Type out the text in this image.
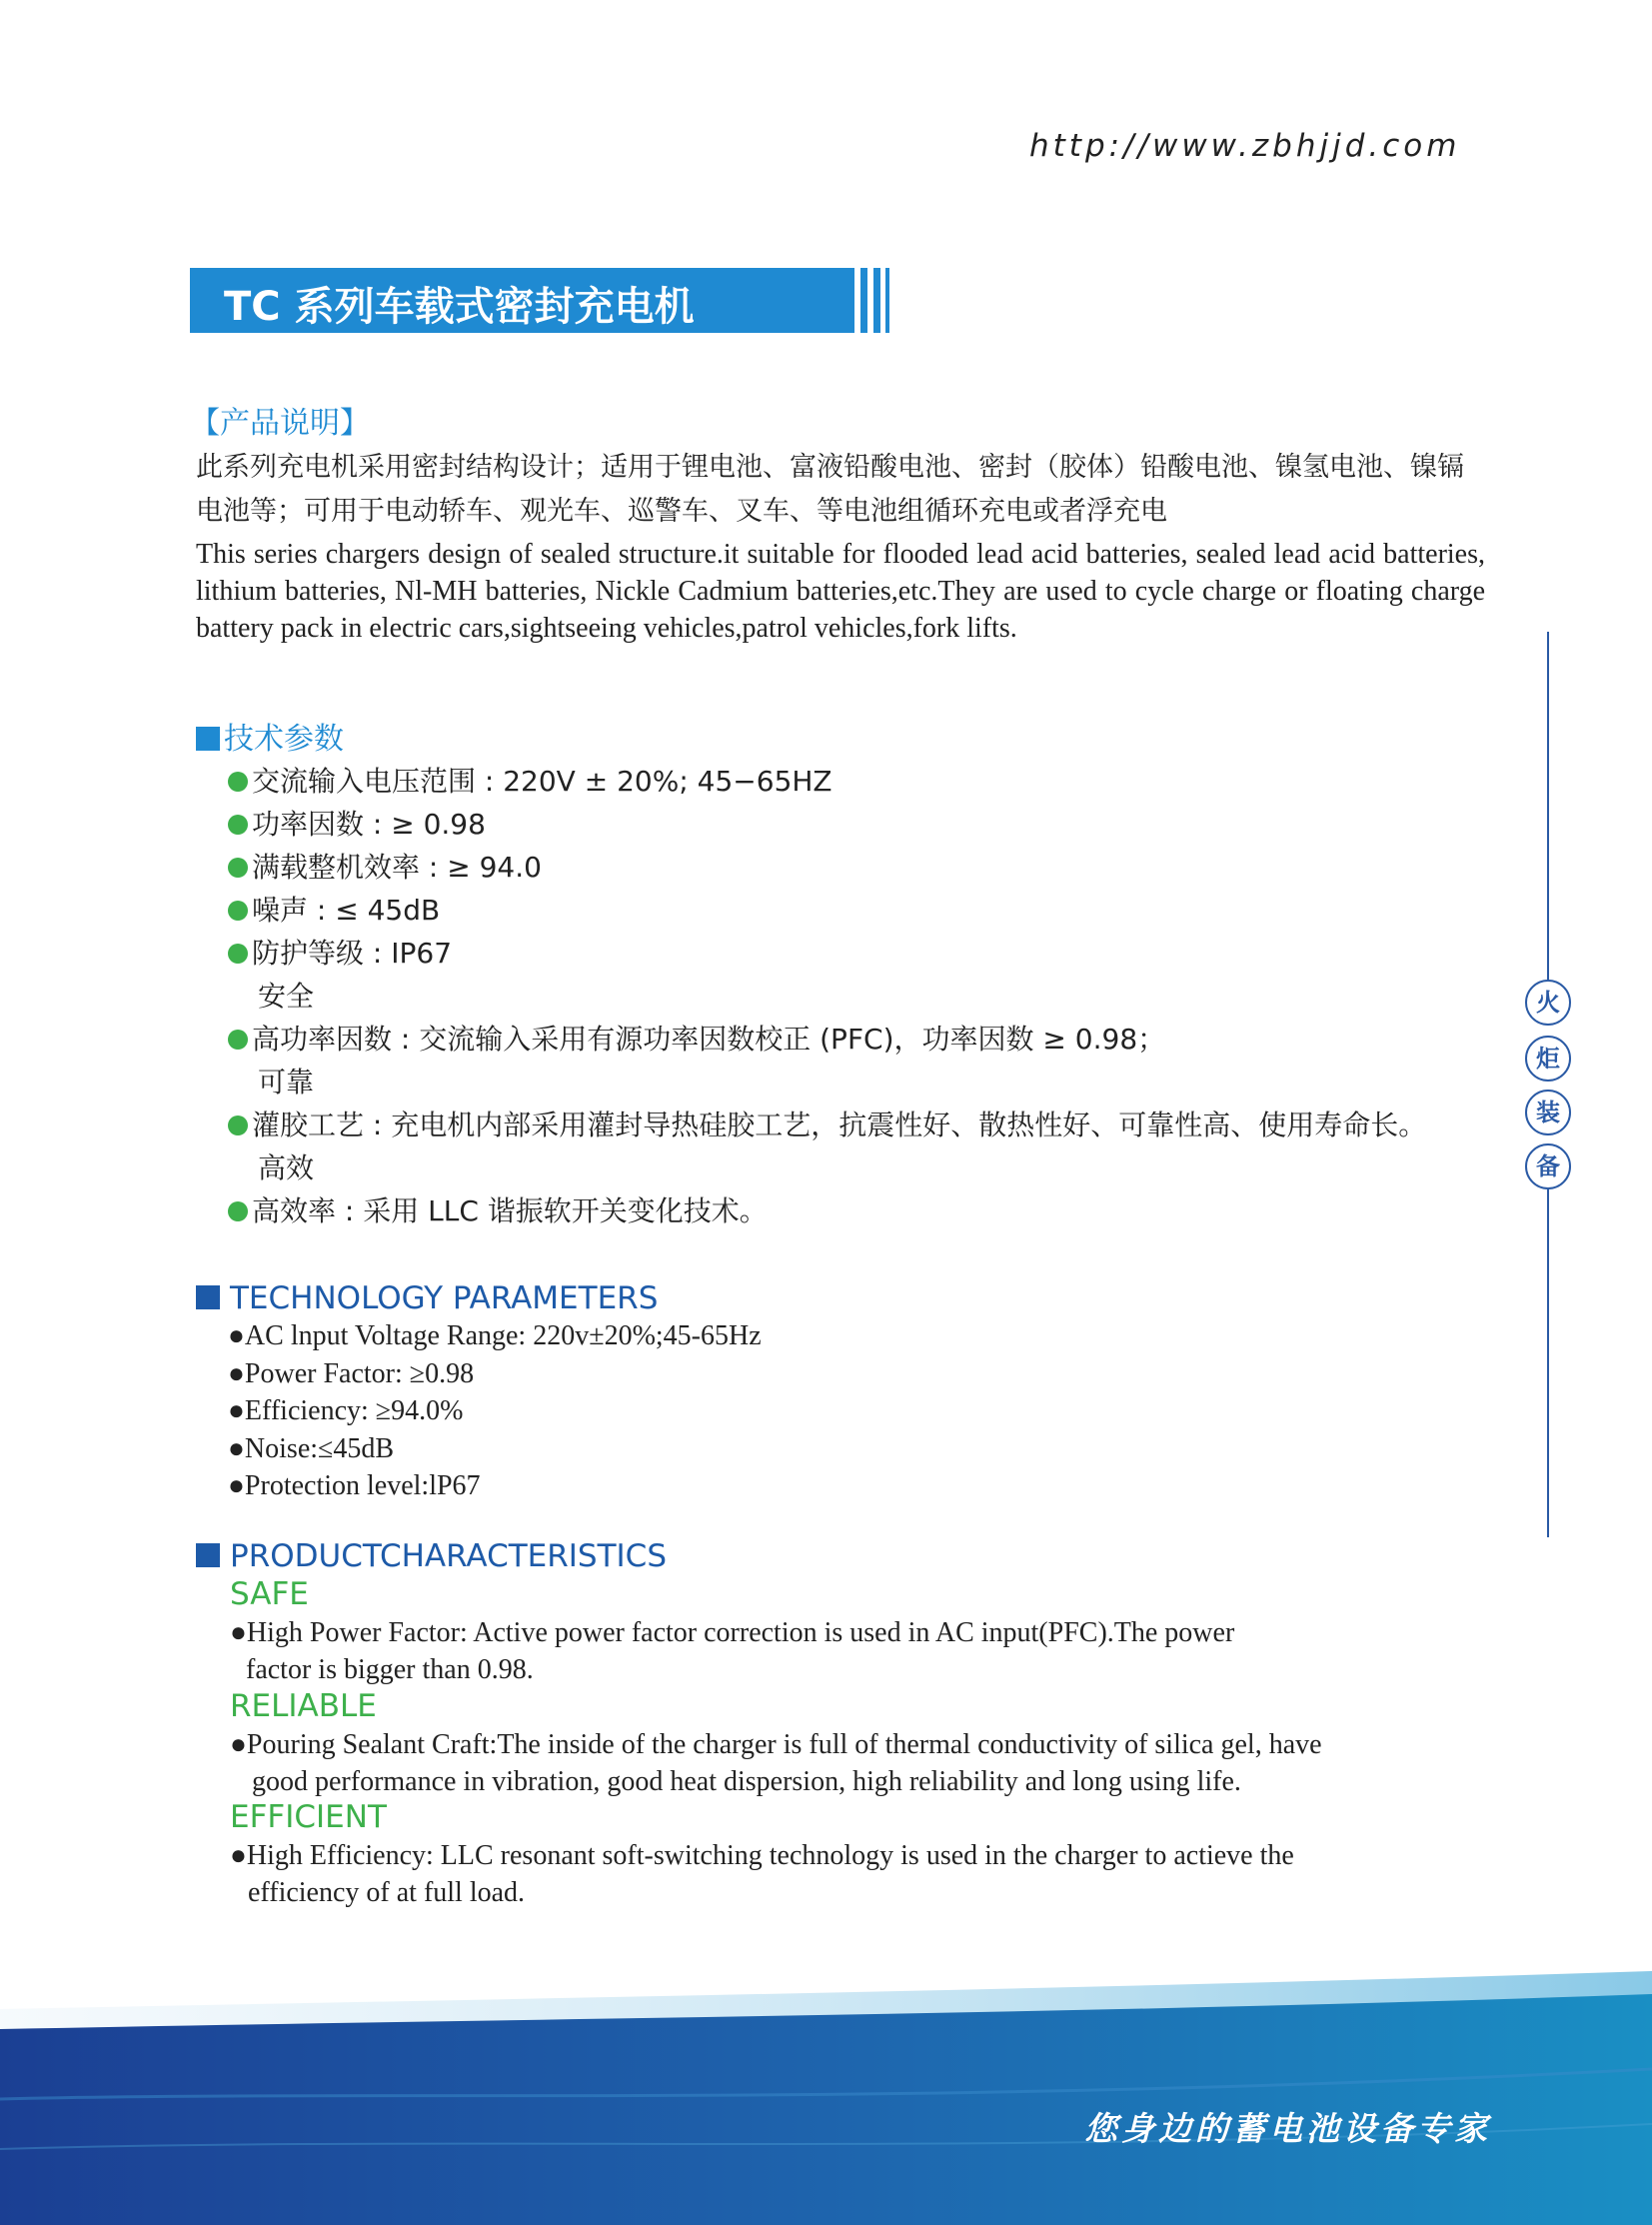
http://www.zbhjjd.com
TC 系列车载式密封充电机
【产品说明】
此系列充电机采用密封结构设计；适用于锂电池、富液铅酸电池、密封（胶体）铅酸电池、镍氢电池、镍镉电池等；可用于电动轿车、观光车、巡警车、叉车、等电池组循环充电或者浮充电
This series chargers design of sealed structure.it suitable for flooded lead acid batteries, sealed lead acid batteries, lithium batteries, Nl-MH batteries, Nickle Cadmium batteries,etc.They are used to cycle charge or floating charge battery pack in electric cars,sightseeing vehicles,patrol vehicles,fork lifts.
技术参数
交流输入电压范围 : 220V ± 20%; 45−65HZ
功率因数 : ≥ 0.98
满载整机效率 : ≥ 94.0
噪声 : ≤ 45dB
防护等级 : IP67
安全
高功率因数 : 交流输入采用有源功率因数校正 (PFC)，功率因数 ≥ 0.98；
可靠
灌胶工艺 : 充电机内部采用灌封导热硅胶工艺，抗震性好、散热性好、可靠性高、使用寿命长。
高效
高效率 : 采用 LLC 谐振软开关变化技术。
TECHNOLOGY PARAMETERS
●AC lnput Voltage Range: 220v±20%;45-65Hz
●Power Factor: ≥0.98
●Efficiency: ≥94.0%
●Noise:≤45dB
●Protection level:lP67
PRODUCTCHARACTERISTICS
SAFE
●High Power Factor: Active power factor correction is used in AC input(PFC).The power
factor is bigger than 0.98.
RELIABLE
●Pouring Sealant Craft:The inside of the charger is full of thermal conductivity of silica gel, have
good performance in vibration, good heat dispersion, high reliability and long using life.
EFFICIENT
●High Efficiency: LLC resonant soft-switching technology is used in the charger to actieve the
efficiency of at full load.
火
炬
装
备
您身边的蓄电池设备专家
